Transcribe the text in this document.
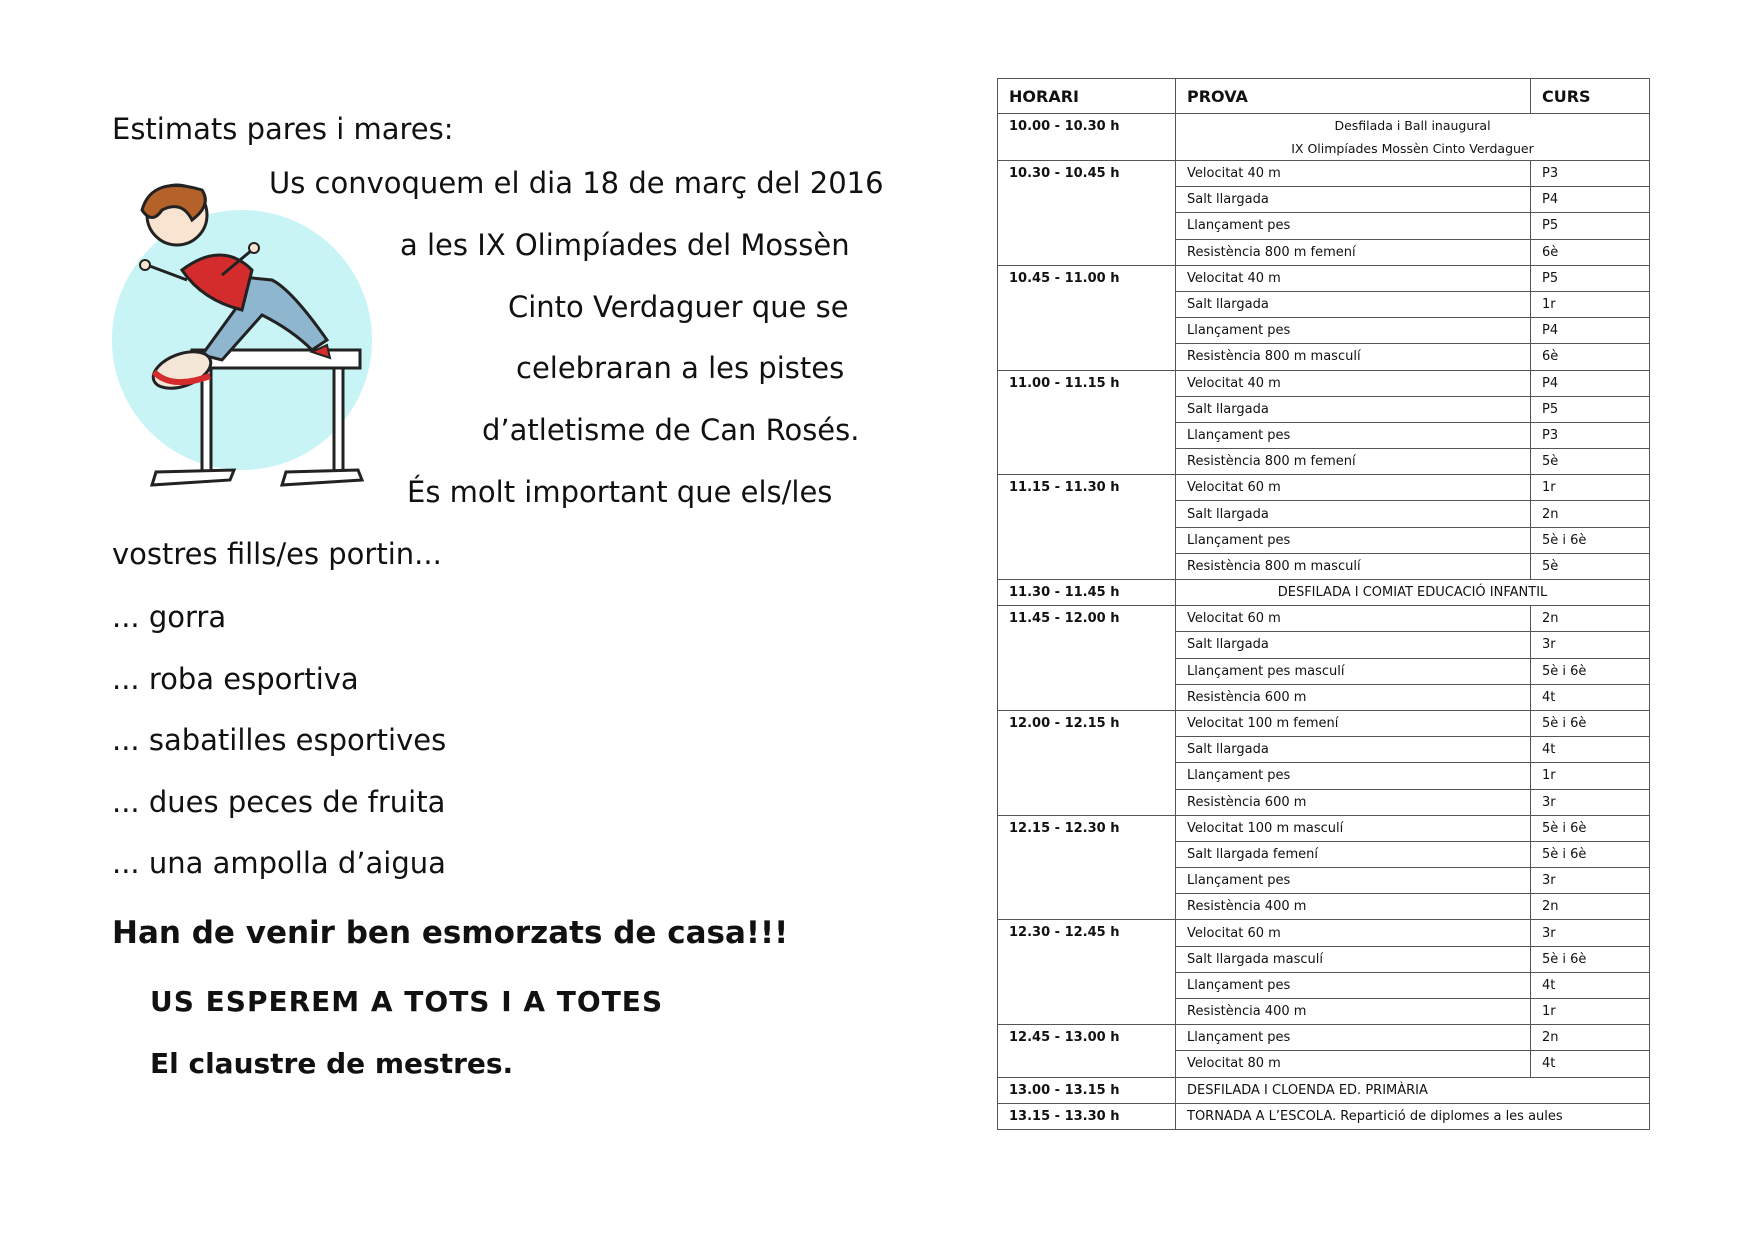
Estimats pares i mares:
Us convoquem el dia 18 de març del 2016
a les IX Olimpíades del Mossèn
Cinto Verdaguer que se
celebraran a les pistes
d’atletisme de Can Rosés.
És molt important que els/les
vostres fills/es portin...
... gorra
... roba esportiva
... sabatilles esportives
... dues peces de fruita
... una ampolla d’aigua
Han de venir ben esmorzats de casa!!!
US ESPEREM A TOTS I A TOTES
El claustre de mestres.
HORARI	PROVA	CURS
10.00 - 10.30 h	Desfilada i Ball inaugural
IX Olimpíades Mossèn Cinto Verdaguer	

10.30 - 10.45 h	Velocitat 40 m	P3
	Salt llargada	P4
	Llançament pes	P5
	Resistència 800 m femení	6è
10.45 - 11.00 h	Velocitat 40 m	P5
	Salt llargada	1r
	Llançament pes	P4
	Resistència 800 m masculí	6è
11.00 - 11.15 h	Velocitat 40 m	P4
	Salt llargada	P5
	Llançament pes	P3
	Resistència 800 m femení	5è
11.15 - 11.30 h	Velocitat 60 m	1r
	Salt llargada	2n
	Llançament pes	5è i 6è
	Resistència 800 m masculí	5è
11.30 - 11.45 h	DESFILADA I COMIAT EDUCACIÓ INFANTIL	
11.45 - 12.00 h	Velocitat 60 m	2n
	Salt llargada	3r
	Llançament pes masculí	5è i 6è
	Resistència 600 m	4t
12.00 - 12.15 h	Velocitat 100 m femení	5è i 6è
	Salt llargada	4t
	Llançament pes	1r
	Resistència 600 m	3r
12.15 - 12.30 h	Velocitat 100 m masculí	5è i 6è
	Salt llargada femení	5è i 6è
	Llançament pes	3r
	Resistència 400 m	2n
12.30 - 12.45 h	Velocitat 60 m	3r
	Salt llargada masculí	5è i 6è
	Llançament pes	4t
	Resistència 400 m	1r
12.45 - 13.00 h	Llançament pes	2n
	Velocitat 80 m	4t
13.00 - 13.15 h	DESFILADA I CLOENDA ED. PRIMÀRIA	
13.15 - 13.30 h	TORNADA A L’ESCOLA. Repartició de diplomes a les aules	
